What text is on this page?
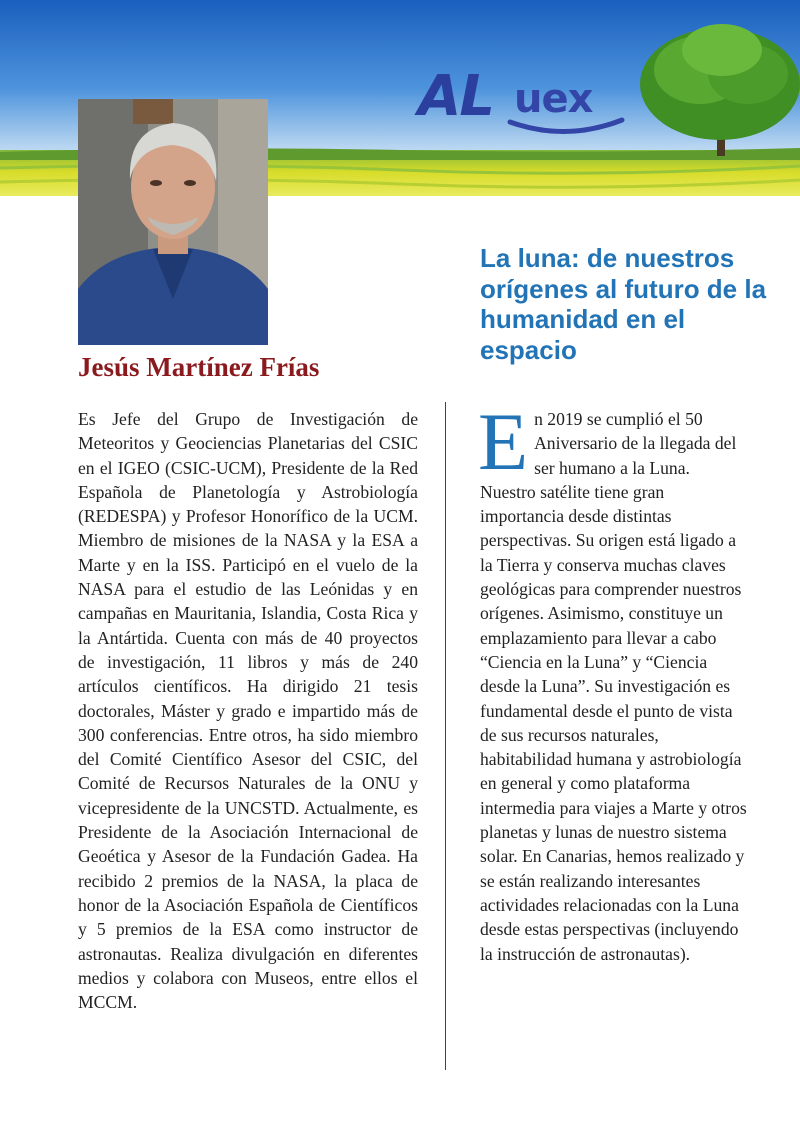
AL uex
Jesús Martínez Frías
Es Jefe del Grupo de Investigación de Meteoritos y Geociencias Planetarias del CSIC en el IGEO (CSIC-UCM), Presidente de la Red Española de Planetología y Astrobiología (REDESPA) y Profesor Honorífico de la UCM. Miembro de misiones de la NASA y la ESA a Marte y en la ISS. Participó en el vuelo de la NASA para el estudio de las Leónidas y en campañas en Mauritania, Islandia, Costa Rica y la Antártida. Cuenta con más de 40 proyectos de investigación, 11 libros y más de 240 artículos científicos. Ha dirigido 21 tesis doctorales, Máster y grado e impartido más de 300 conferencias. Entre otros, ha sido miembro del Comité Científico Asesor del CSIC, del Comité de Recursos Naturales de la ONU y vicepresidente de la UNCSTD. Actualmente, es Presidente de la Asociación Internacional de Geoética y Asesor de la Fundación Gadea. Ha recibido 2 premios de la NASA, la placa de honor de la Asociación Española de Científicos y 5 premios de la ESA como instructor de astronautas. Realiza divulgación en diferentes medios y colabora con Museos, entre ellos el MCCM.
La luna: de nuestros orígenes al futuro de la humanidad en el espacio
E n 2019 se cumplió el 50 Aniversario de la llegada del ser humano a la Luna. Nuestro satélite tiene gran importancia desde distintas perspectivas. Su origen está ligado a la Tierra y conserva muchas claves geológicas para comprender nuestros orígenes. Asimismo, constituye un emplazamiento para llevar a cabo “Ciencia en la Luna” y “Ciencia desde la Luna”. Su investigación es fundamental desde el punto de vista de sus recursos naturales, habitabilidad humana y astrobiología en general y como plataforma intermedia para viajes a Marte y otros planetas y lunas de nuestro sistema solar. En Canarias, hemos realizado y se están realizando interesantes actividades relacionadas con la Luna desde estas perspectivas (incluyendo la instrucción de astronautas).
